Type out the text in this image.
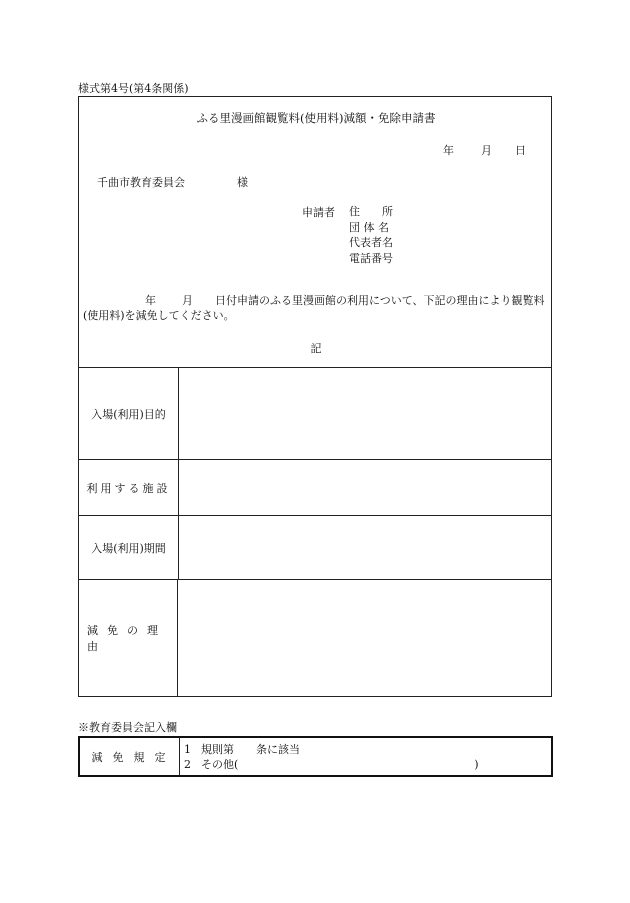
様式第4号(第4条関係)
ふる里漫画館観覧料(使用料)減額・免除申請書
年 月 日
千曲市教育委員会	様
申請者 住　　所
団 体 名
代表者名
電話番号
年 月 日付申請のふる里漫画館の利用について、下記の理由により観覧料(使用料)を減免してください。
記
入場(利用)目的
利用する施設
入場(利用)期間
減免の理由
※教育委員会記入欄
減免規定
1 規則第 条に該当
2 その他(	)
